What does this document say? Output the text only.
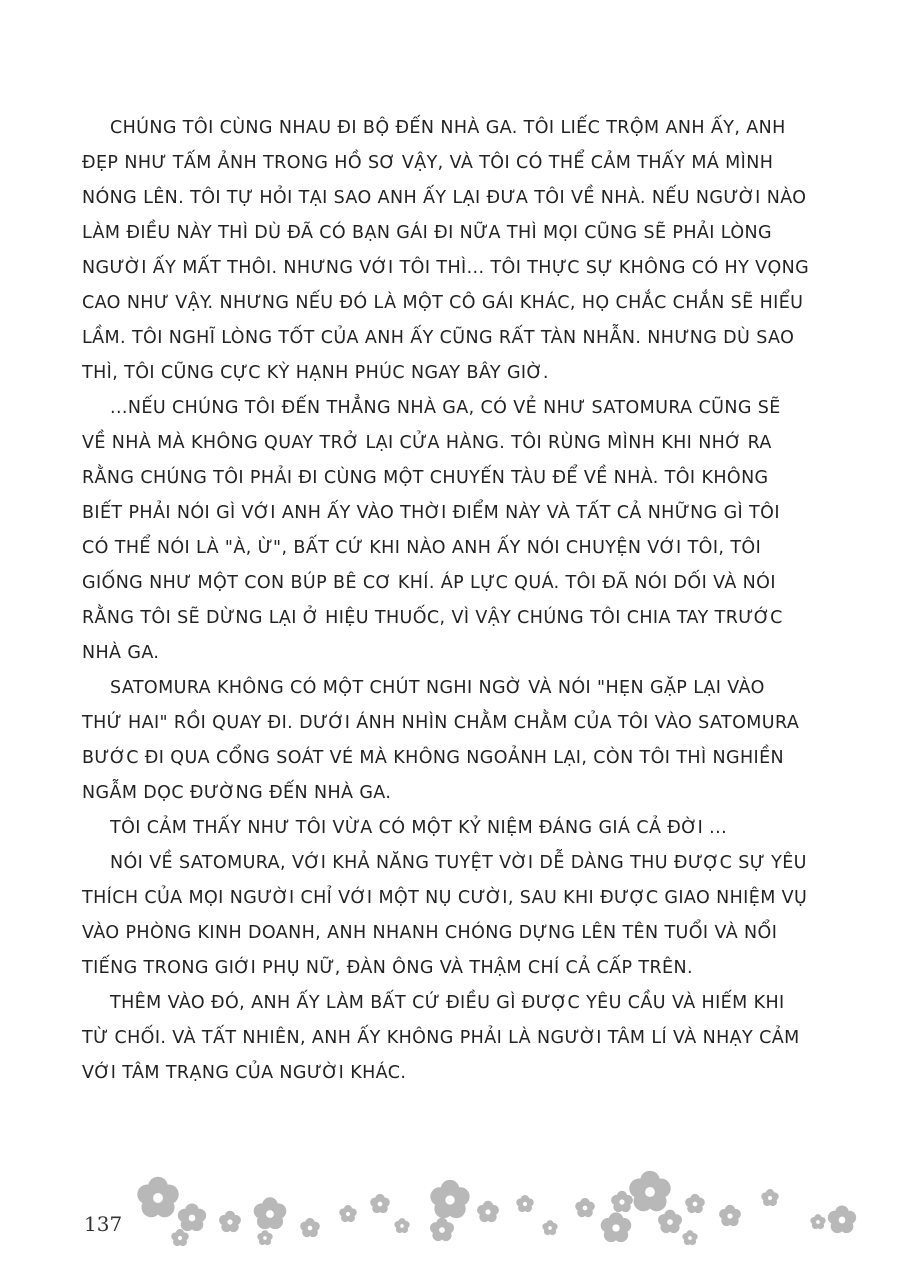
CHÚNG TÔI CÙNG NHAU ĐI BỘ ĐẾN NHÀ GA. TÔI LIẾC TRỘM ANH ẤY, ANH
ĐẸP NHƯ TẤM ẢNH TRONG HỒ SƠ VẬY, VÀ TÔI CÓ THỂ CẢM THẤY MÁ MÌNH
NÓNG LÊN. TÔI TỰ HỎI TẠI SAO ANH ẤY LẠI ĐƯA TÔI VỀ NHÀ. NẾU NGƯỜI NÀO
LÀM ĐIỀU NÀY THÌ DÙ ĐÃ CÓ BẠN GÁI ĐI NỮA THÌ MỌI CŨNG SẼ PHẢI LÒNG
NGƯỜI ẤY MẤT THÔI. NHƯNG VỚI TÔI THÌ... TÔI THỰC SỰ KHÔNG CÓ HY VỌNG
CAO NHƯ VẬY. NHƯNG NẾU ĐÓ LÀ MỘT CÔ GÁI KHÁC, HỌ CHẮC CHẮN SẼ HIỂU
LẦM. TÔI NGHĨ LÒNG TỐT CỦA ANH ẤY CŨNG RẤT TÀN NHẪN. NHƯNG DÙ SAO
THÌ, TÔI CŨNG CỰC KỲ HẠNH PHÚC NGAY BÂY GIỜ.
...NẾU CHÚNG TÔI ĐẾN THẲNG NHÀ GA, CÓ VẺ NHƯ SATOMURA CŨNG SẼ
VỀ NHÀ MÀ KHÔNG QUAY TRỞ LẠI CỬA HÀNG. TÔI RÙNG MÌNH KHI NHỚ RA
RẰNG CHÚNG TÔI PHẢI ĐI CÙNG MỘT CHUYẾN TÀU ĐỂ VỀ NHÀ. TÔI KHÔNG
BIẾT PHẢI NÓI GÌ VỚI ANH ẤY VÀO THỜI ĐIỂM NÀY VÀ TẤT CẢ NHỮNG GÌ TÔI
CÓ THỂ NÓI LÀ "À, Ừ", BẤT CỨ KHI NÀO ANH ẤY NÓI CHUYỆN VỚI TÔI, TÔI
GIỐNG NHƯ MỘT CON BÚP BÊ CƠ KHÍ. ÁP LỰC QUÁ. TÔI ĐÃ NÓI DỐI VÀ NÓI
RẰNG TÔI SẼ DỪNG LẠI Ở HIỆU THUỐC, VÌ VẬY CHÚNG TÔI CHIA TAY TRƯỚC
NHÀ GA.
SATOMURA KHÔNG CÓ MỘT CHÚT NGHI NGỜ VÀ NÓI "HẸN GẶP LẠI VÀO
THỨ HAI" RỒI QUAY ĐI. DƯỚI ÁNH NHÌN CHẰM CHẰM CỦA TÔI VÀO SATOMURA
BƯỚC ĐI QUA CỔNG SOÁT VÉ MÀ KHÔNG NGOẢNH LẠI, CÒN TÔI THÌ NGHIỀN
NGẪM DỌC ĐƯỜNG ĐẾN NHÀ GA.
TÔI CẢM THẤY NHƯ TÔI VỪA CÓ MỘT KỶ NIỆM ĐÁNG GIÁ CẢ ĐỜI ...
NÓI VỀ SATOMURA, VỚI KHẢ NĂNG TUYỆT VỜI DỄ DÀNG THU ĐƯỢC SỰ YÊU
THÍCH CỦA MỌI NGƯỜI CHỈ VỚI MỘT NỤ CƯỜI, SAU KHI ĐƯỢC GIAO NHIỆM VỤ
VÀO PHÒNG KINH DOANH, ANH NHANH CHÓNG DỰNG LÊN TÊN TUỔI VÀ NỔI
TIẾNG TRONG GIỚI PHỤ NỮ, ĐÀN ÔNG VÀ THẬM CHÍ CẢ CẤP TRÊN.
THÊM VÀO ĐÓ, ANH ẤY LÀM BẤT CỨ ĐIỀU GÌ ĐƯỢC YÊU CẦU VÀ HIẾM KHI
TỪ CHỐI. VÀ TẤT NHIÊN, ANH ẤY KHÔNG PHẢI LÀ NGƯỜI TÂM LÍ VÀ NHẠY CẢM
VỚI TÂM TRẠNG CỦA NGƯỜI KHÁC.
137
